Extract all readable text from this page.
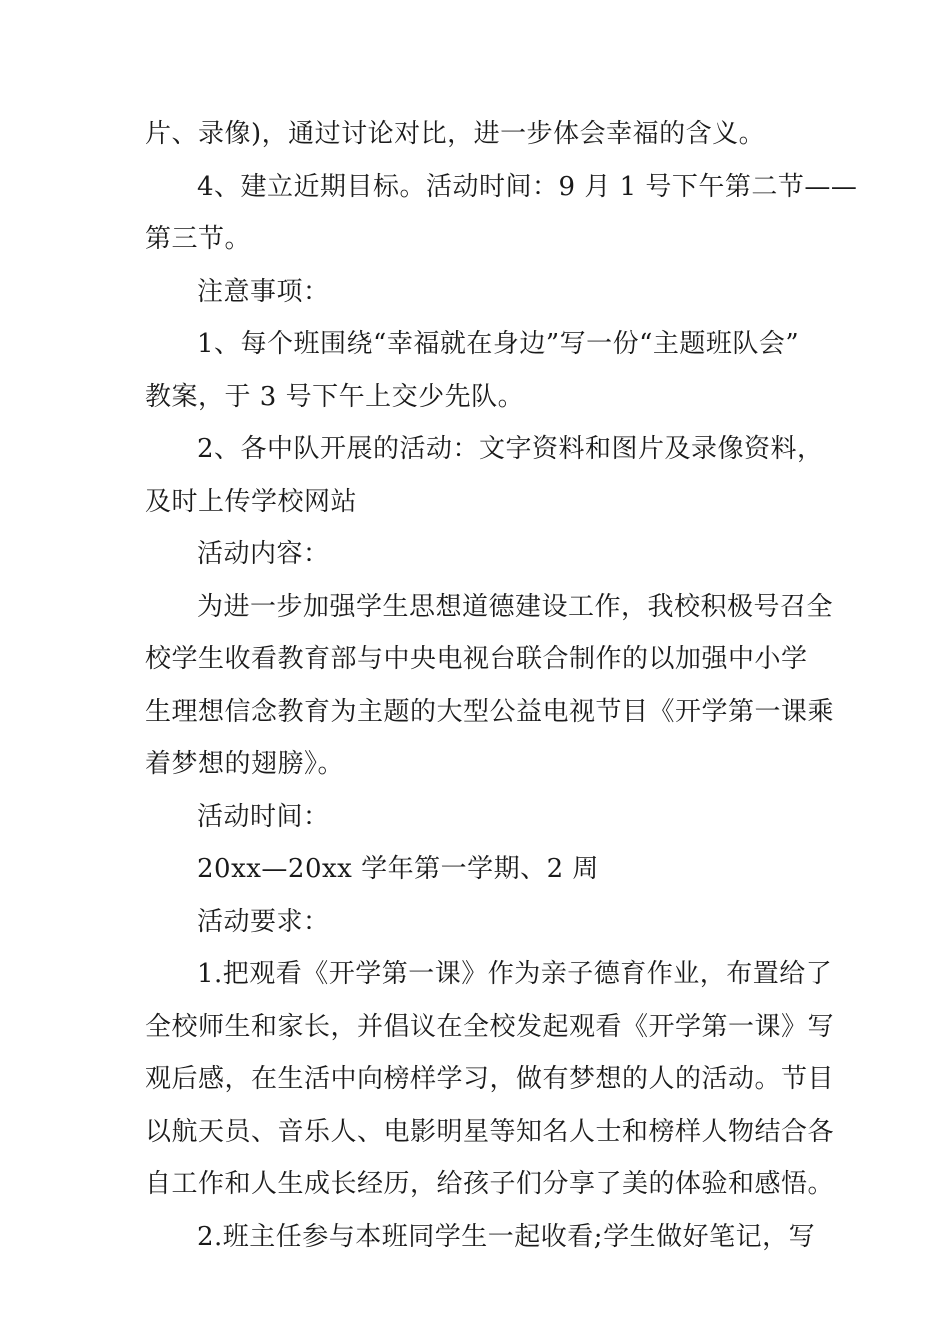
片、录像)，通过讨论对比，进一步体会幸福的含义。
4、建立近期目标。活动时间：9 月 1 号下午第二节——
第三节。
注意事项：
1、每个班围绕“幸福就在身边”写一份“主题班队会”
教案，于 3 号下午上交少先队。
2、各中队开展的活动：文字资料和图片及录像资料，
及时上传学校网站
活动内容：
为进一步加强学生思想道德建设工作，我校积极号召全
校学生收看教育部与中央电视台联合制作的以加强中小学
生理想信念教育为主题的大型公益电视节目《开学第一课乘
着梦想的翅膀》。
活动时间：
20xx—20xx 学年第一学期、2 周
活动要求：
1.把观看《开学第一课》作为亲子德育作业，布置给了
全校师生和家长，并倡议在全校发起观看《开学第一课》写
观后感，在生活中向榜样学习，做有梦想的人的活动。节目
以航天员、音乐人、电影明星等知名人士和榜样人物结合各
自工作和人生成长经历，给孩子们分享了美的体验和感悟。
2.班主任参与本班同学生一起收看;学生做好笔记，写
